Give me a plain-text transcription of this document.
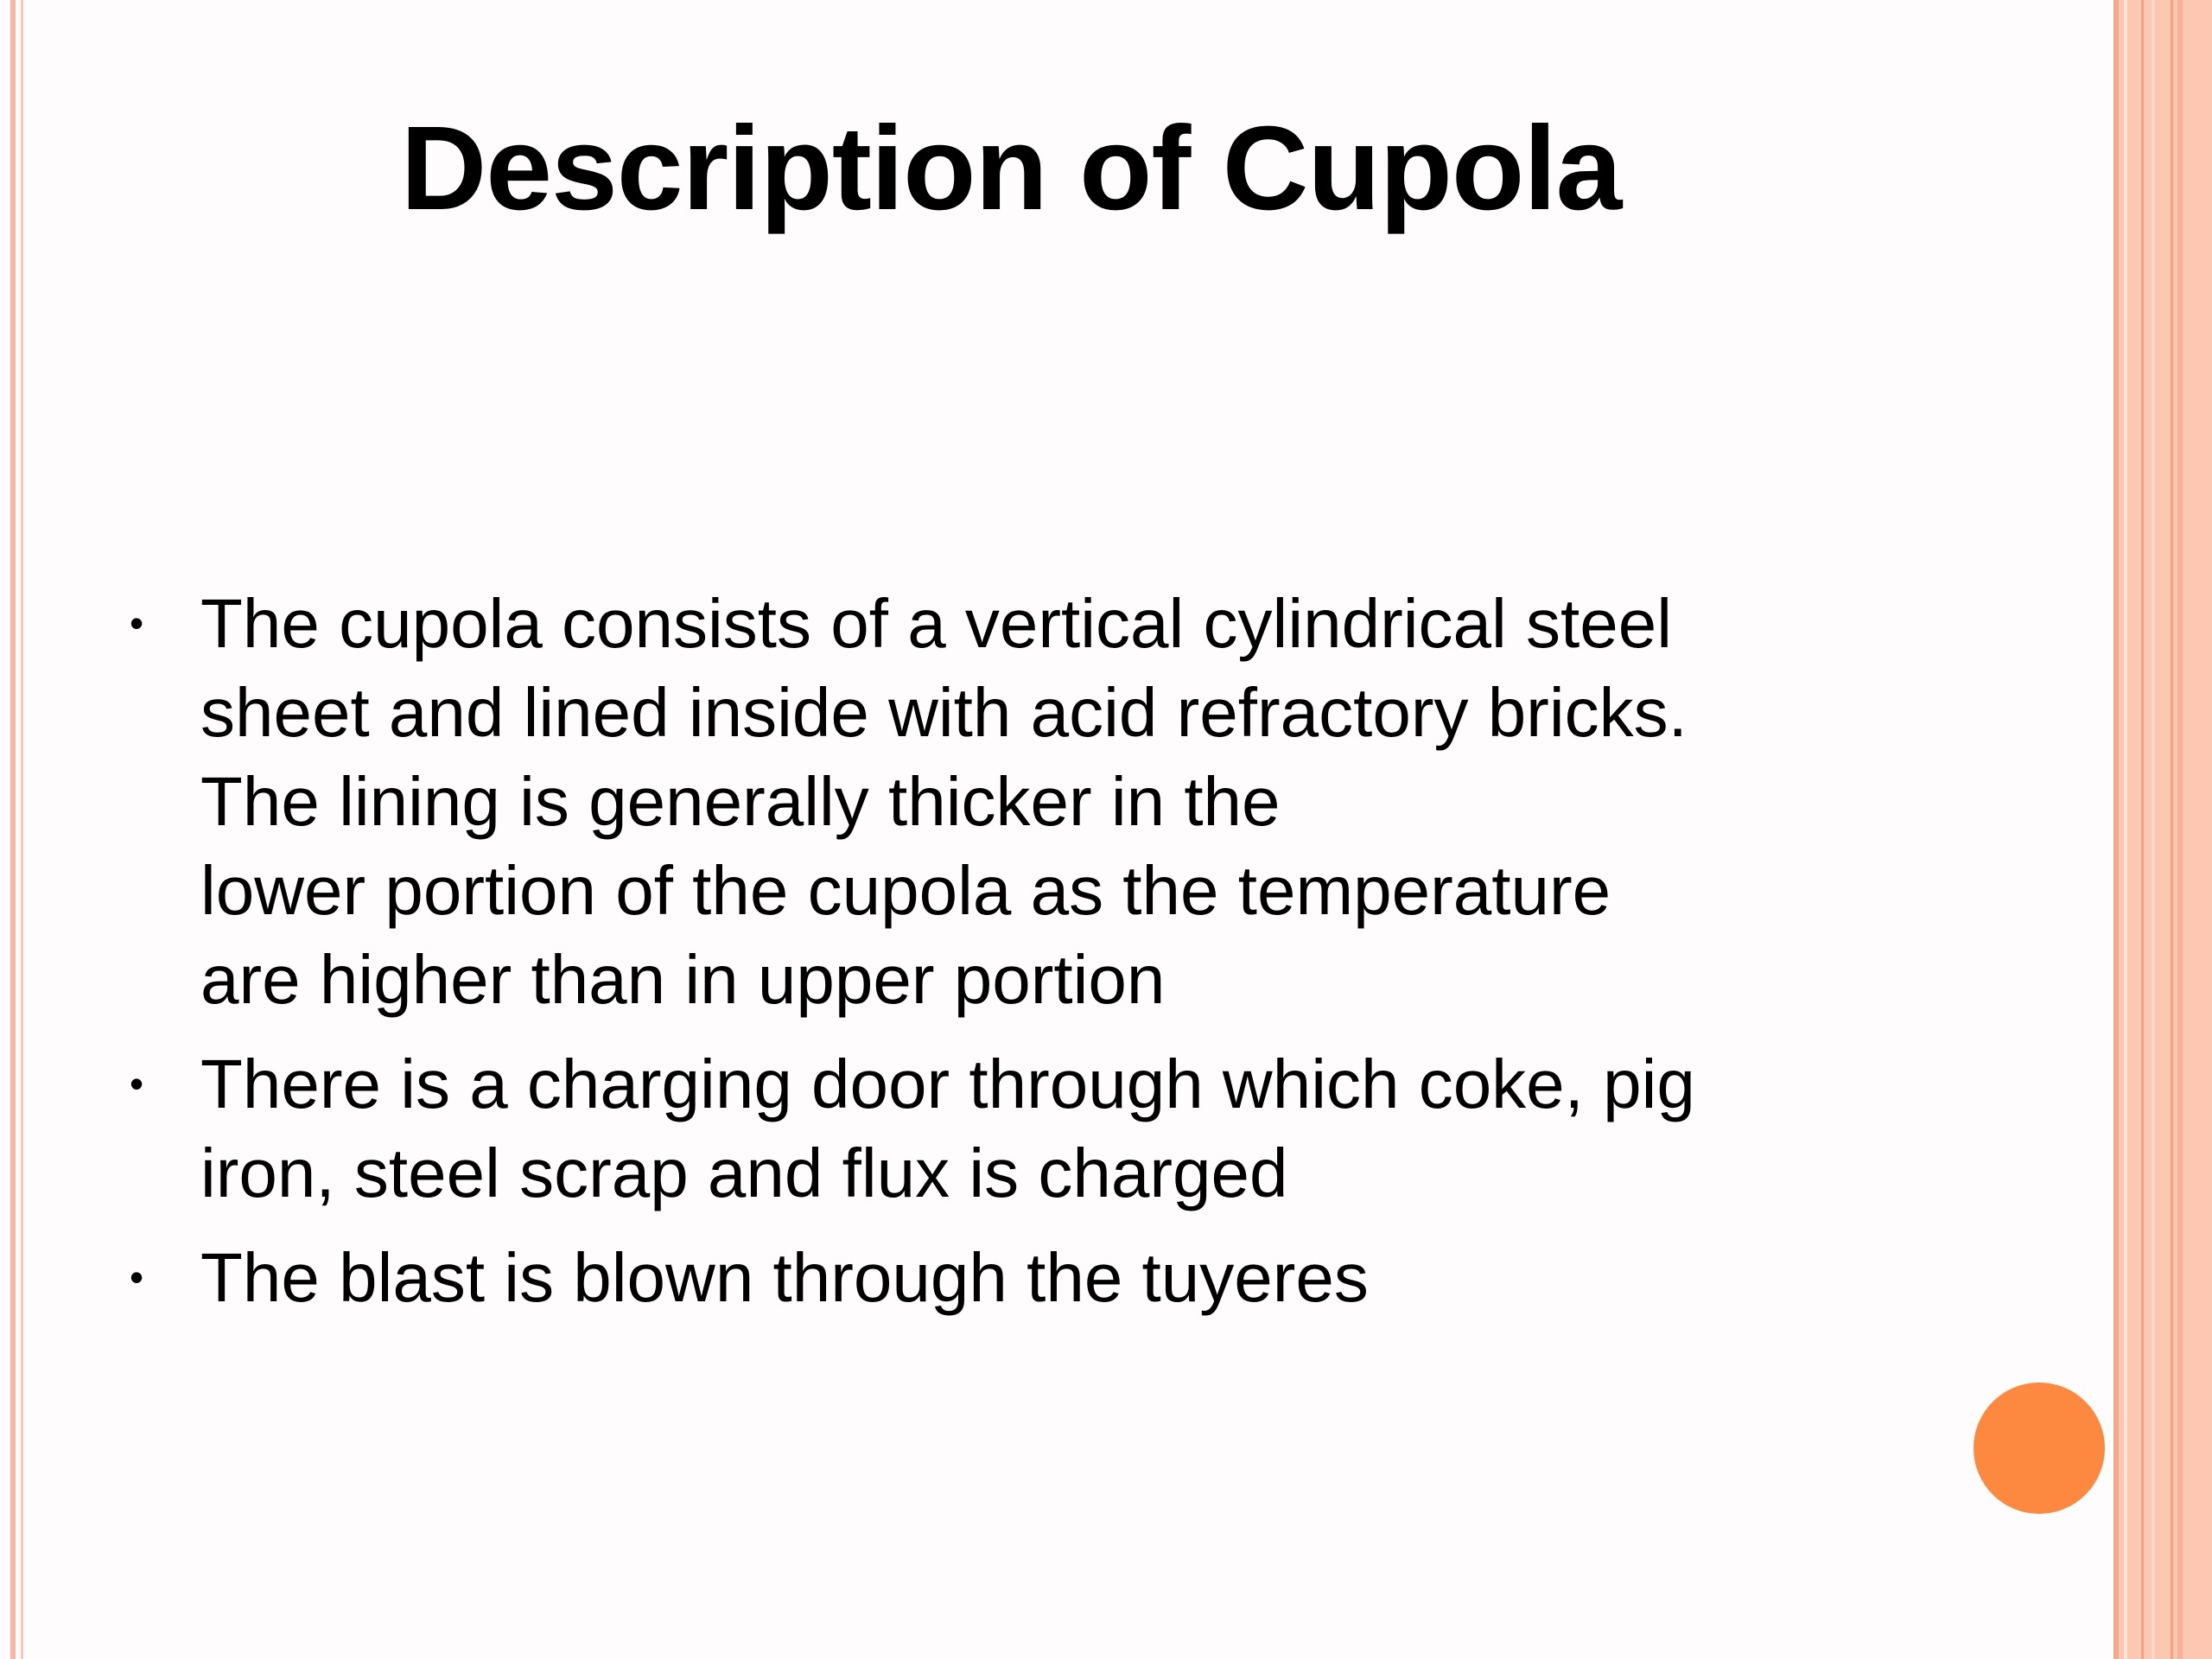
Description of Cupola
• The cupola consists of a vertical cylindrical steel
sheet and lined inside with acid refractory bricks.
The lining is generally thicker in the
lower portion of the cupola as the temperature
are higher than in upper portion
• There is a charging door through which coke, pig
iron, steel scrap and flux is charged
• The blast is blown through the tuyeres
